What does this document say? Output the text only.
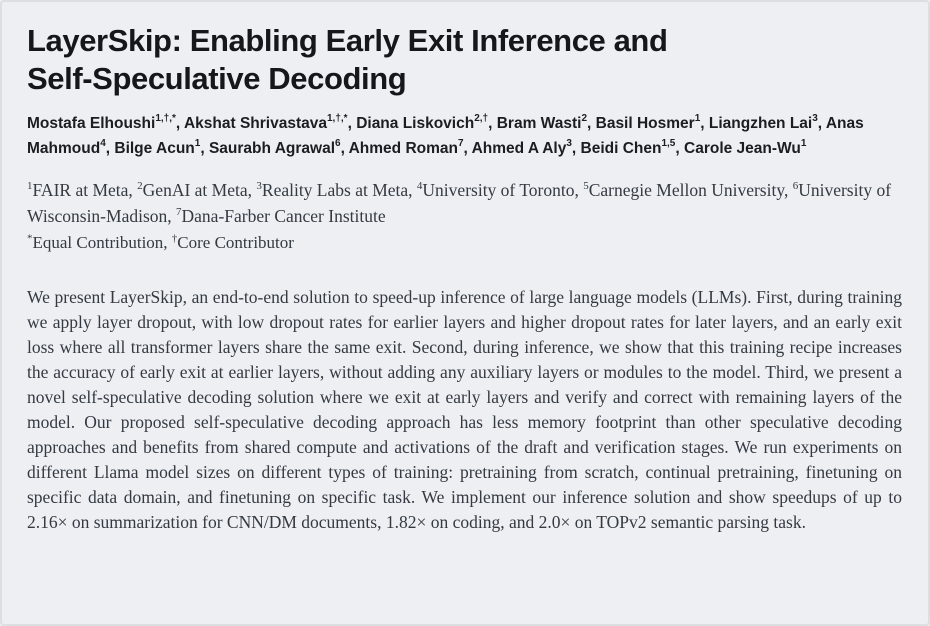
LayerSkip: Enabling Early Exit Inference and
Self-Speculative Decoding

Mostafa Elhoushi$^{1,\dagger,*}$, Akshat Shrivastava$^{1,\dagger,*}$, Diana Liskovich$^{2,\dagger}$, Bram Wasti$^2$, Basil Hosmer$^1$, Liangzhen Lai$^3$, Anas Mahmoud$^4$, Bilge Acun$^1$, Saurabh Agrawal$^6$, Ahmed Roman$^7$, Ahmed A Aly$^3$, Beidi Chen$^{1,5}$, Carole Jean-Wu$^1$

$^1$FAIR at Meta, $^2$GenAI at Meta, $^3$Reality Labs at Meta, $^4$University of Toronto, $^5$Carnegie Mellon University, $^6$University of Wisconsin-Madison, $^7$Dana-Farber Cancer Institute

*Equal Contribution, †Core Contributor

We present LayerSkip, an end-to-end solution to speed-up inference of large language models (LLMs). First, during training we apply layer dropout, with low dropout rates for earlier layers and higher dropout rates for later layers, and an early exit loss where all transformer layers share the same exit. Second, during inference, we show that this training recipe increases the accuracy of early exit at earlier layers, without adding any auxiliary layers or modules to the model. Third, we present a novel self-speculative decoding solution where we exit at early layers and verify and correct with remaining layers of the model. Our proposed self-speculative decoding approach has less memory footprint than other speculative decoding approaches and benefits from shared compute and activations of the draft and verification stages. We run experiments on different Llama model sizes on different types of training: pretraining from scratch, continual pretraining, finetuning on specific data domain, and finetuning on specific task. We implement our inference solution and show speedups of up to 2.16× on summarization for CNN/DM documents, 1.82× on coding, and 2.0× on TOPv2 semantic parsing task.
